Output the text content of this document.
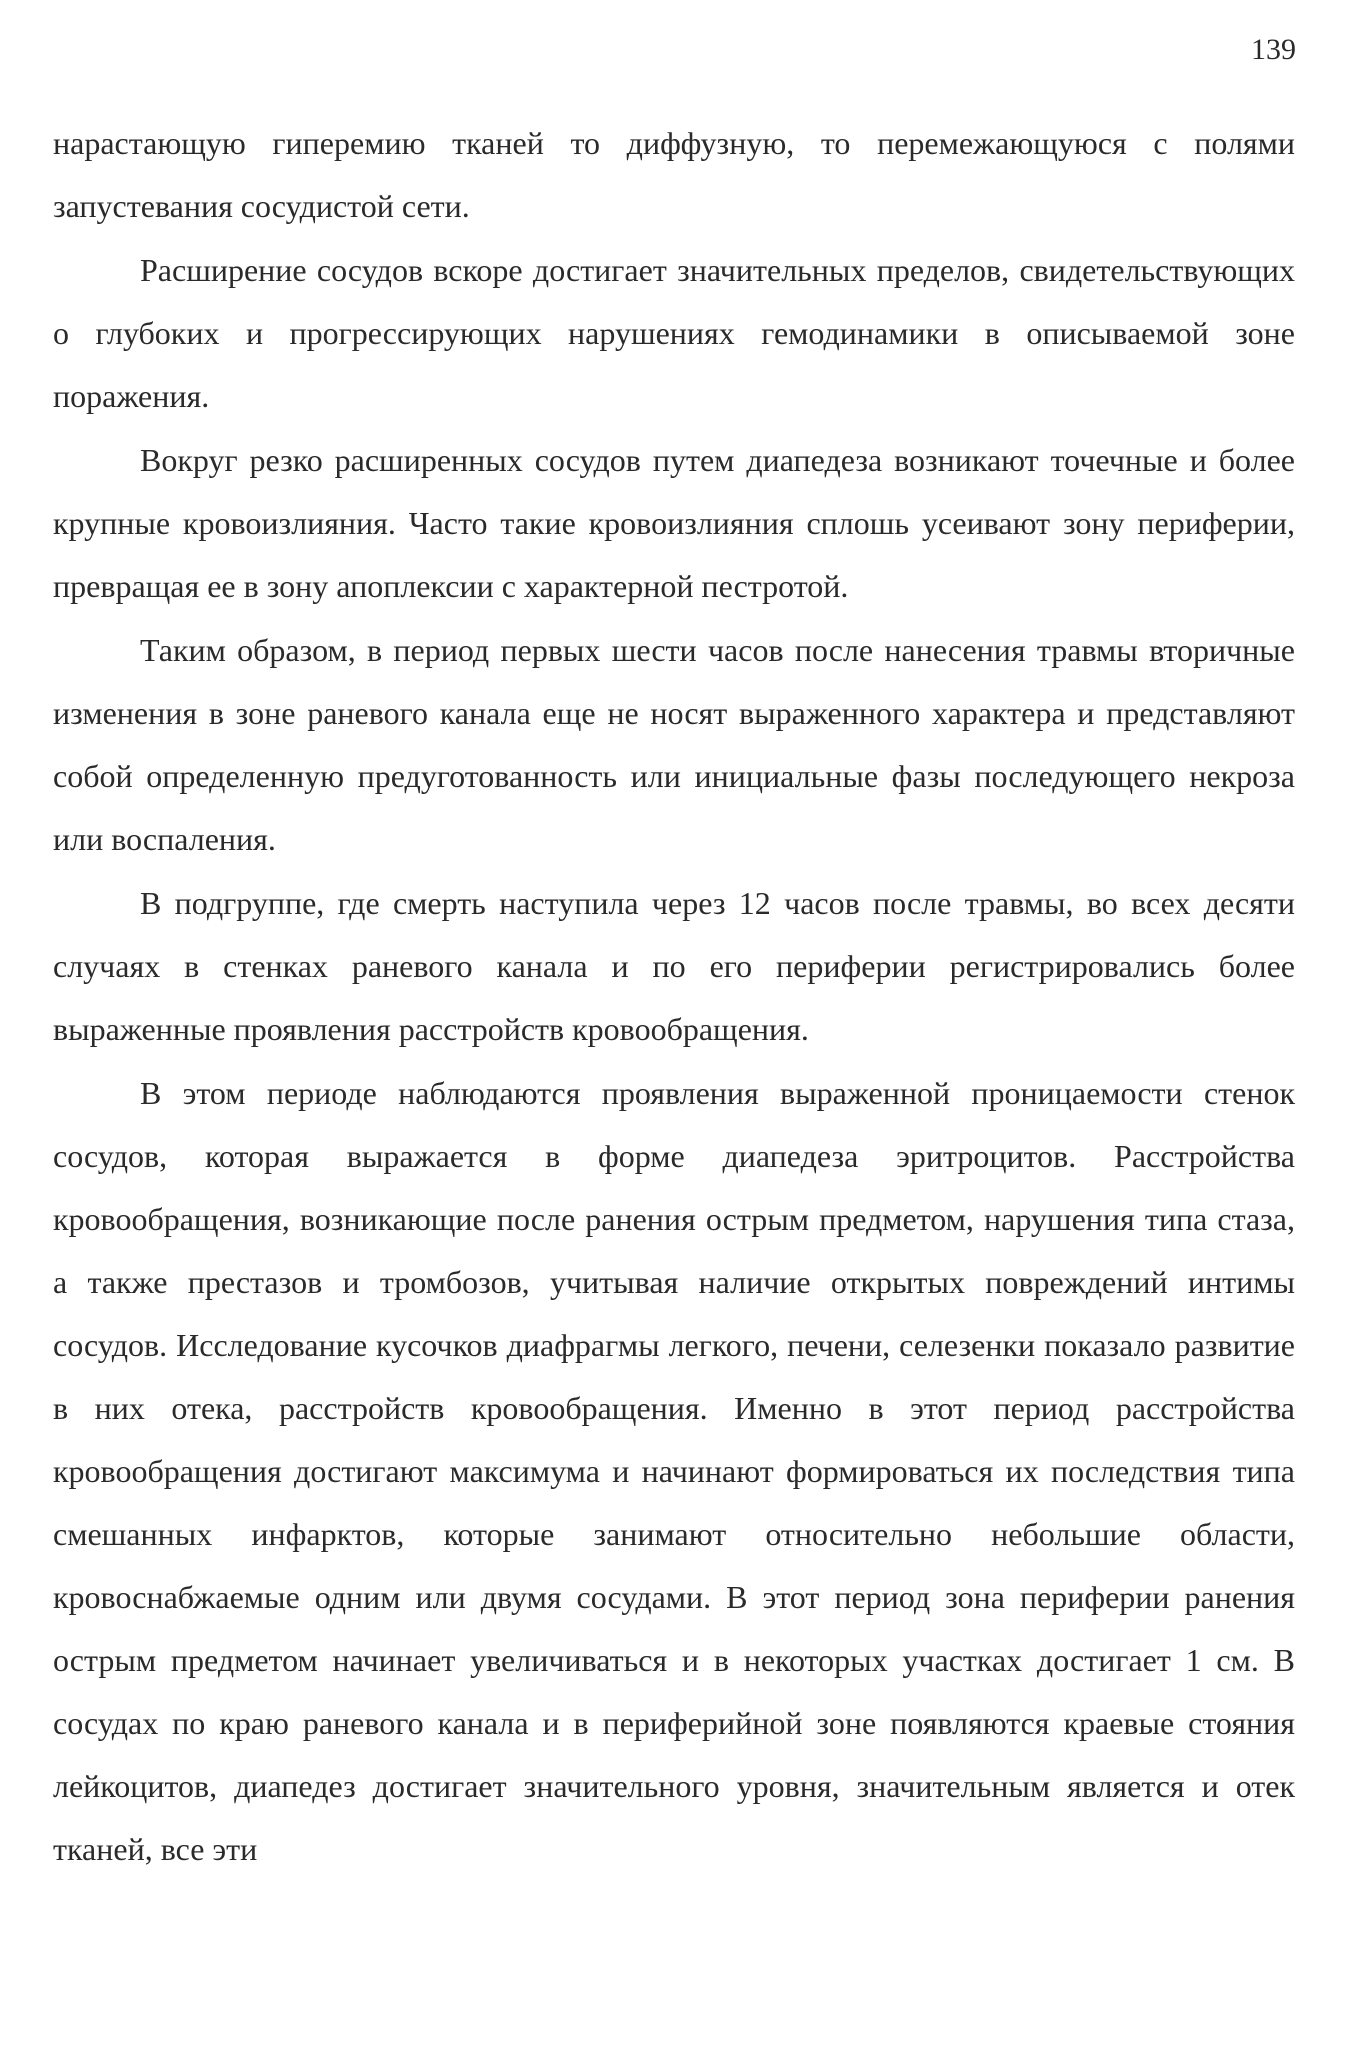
139

нарастающую гиперемию тканей то диффузную, то перемежающуюся с полями запустевания сосудистой сети.

Расширение сосудов вскоре достигает значительных пределов, свидетельствующих о глубоких и прогрессирующих нарушениях гемодинамики в описываемой зоне поражения.

Вокруг резко расширенных сосудов путем диапедеза возникают точечные и более крупные кровоизлияния. Часто такие кровоизлияния сплошь усеивают зону периферии, превращая ее в зону апоплексии с характерной пестротой.

Таким образом, в период первых шести часов после нанесения травмы вторичные изменения в зоне раневого канала еще не носят выраженного характера и представляют собой определенную предуготованность или инициальные фазы последующего некроза или воспаления.

В подгруппе, где смерть наступила через 12 часов после травмы, во всех десяти случаях в стенках раневого канала и по его периферии регистрировались более выраженные проявления расстройств кровообращения.

В этом периоде наблюдаются проявления выраженной проницаемости стенок сосудов, которая выражается в форме диапедеза эритроцитов. Расстройства кровообращения, возникающие после ранения острым предметом, нарушения типа стаза, а также престазов и тромбозов, учитывая наличие открытых повреждений интимы сосудов. Исследование кусочков диафрагмы легкого, печени, селезенки показало развитие в них отека, расстройств кровообращения. Именно в этот период расстройства кровообращения достигают максимума и начинают формироваться их последствия типа смешанных инфарктов, которые занимают относительно небольшие области, кровоснабжаемые одним или двумя сосудами. В этот период зона периферии ранения острым предметом начинает увеличиваться и в некоторых участках достигает 1 см. В сосудах по краю раневого канала и в периферийной зоне появляются краевые стояния лейкоцитов, диапедез достигает значительного уровня, значительным является и отек тканей, все эти
